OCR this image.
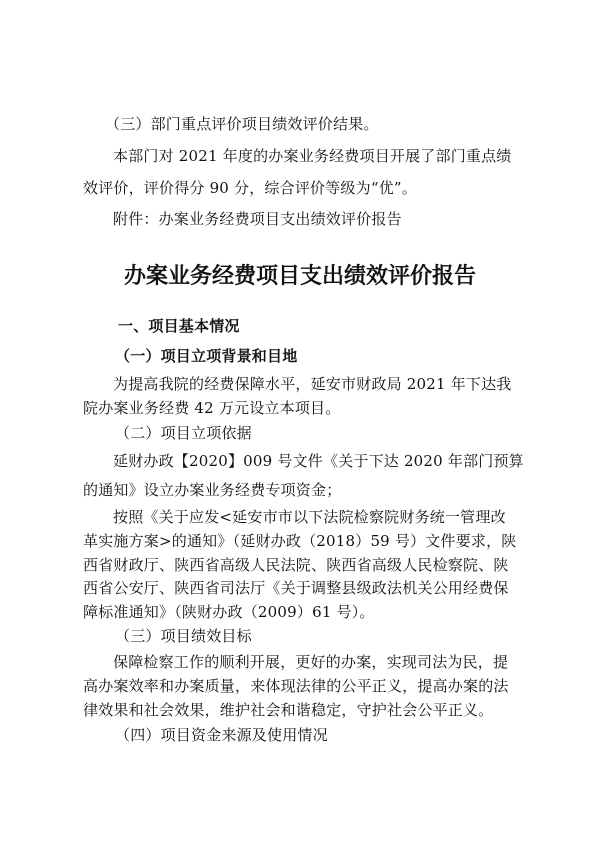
（三）部门重点评价项目绩效评价结果。
本部门对 2021 年度的办案业务经费项目开展了部门重点绩
效评价，评价得分 90 分，综合评价等级为“优”。
附件：办案业务经费项目支出绩效评价报告
办案业务经费项目支出绩效评价报告
一、项目基本情况
（一）项目立项背景和目地
为提高我院的经费保障水平，延安市财政局 2021 年下达我
院办案业务经费 42 万元设立本项目。
（二）项目立项依据
延财办政【2020】009 号文件《关于下达 2020 年部门预算
的通知》设立办案业务经费专项资金；
按照《关于应发<延安市市以下法院检察院财务统一管理改
革实施方案>的通知》（延财办政（2018）59 号）文件要求，陕
西省财政厅、陕西省高级人民法院、陕西省高级人民检察院、陕
西省公安厅、陕西省司法厅《关于调整县级政法机关公用经费保
障标准通知》（陕财办政（2009）61 号）。
（三）项目绩效目标
保障检察工作的顺利开展，更好的办案，实现司法为民，提
高办案效率和办案质量，来体现法律的公平正义，提高办案的法
律效果和社会效果，维护社会和谐稳定，守护社会公平正义。
（四）项目资金来源及使用情况
